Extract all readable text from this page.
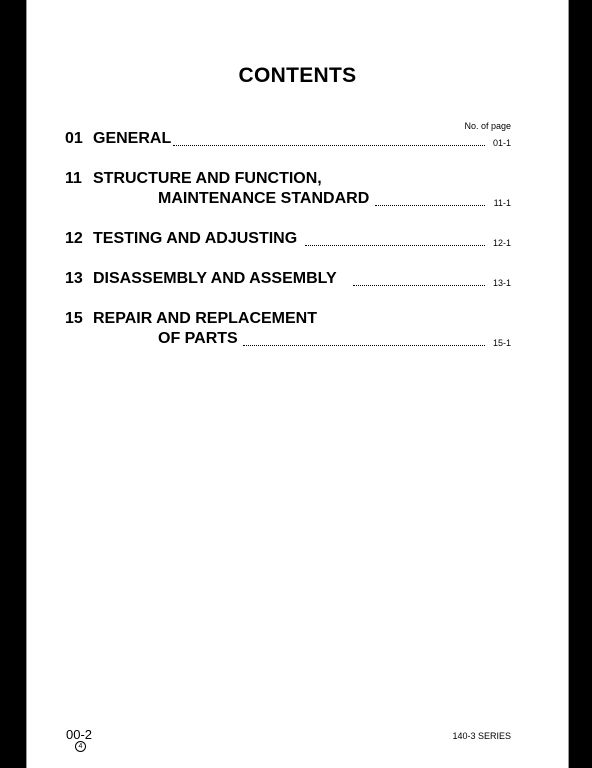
CONTENTS
No. of page
01 GENERAL	01-1
11 STRUCTURE AND FUNCTION,
MAINTENANCE STANDARD	11-1
12 TESTING AND ADJUSTING	12-1
13 DISASSEMBLY AND ASSEMBLY	13-1
15 REPAIR AND REPLACEMENT
OF PARTS	15-1
00-2
4
140-3 SERIES
